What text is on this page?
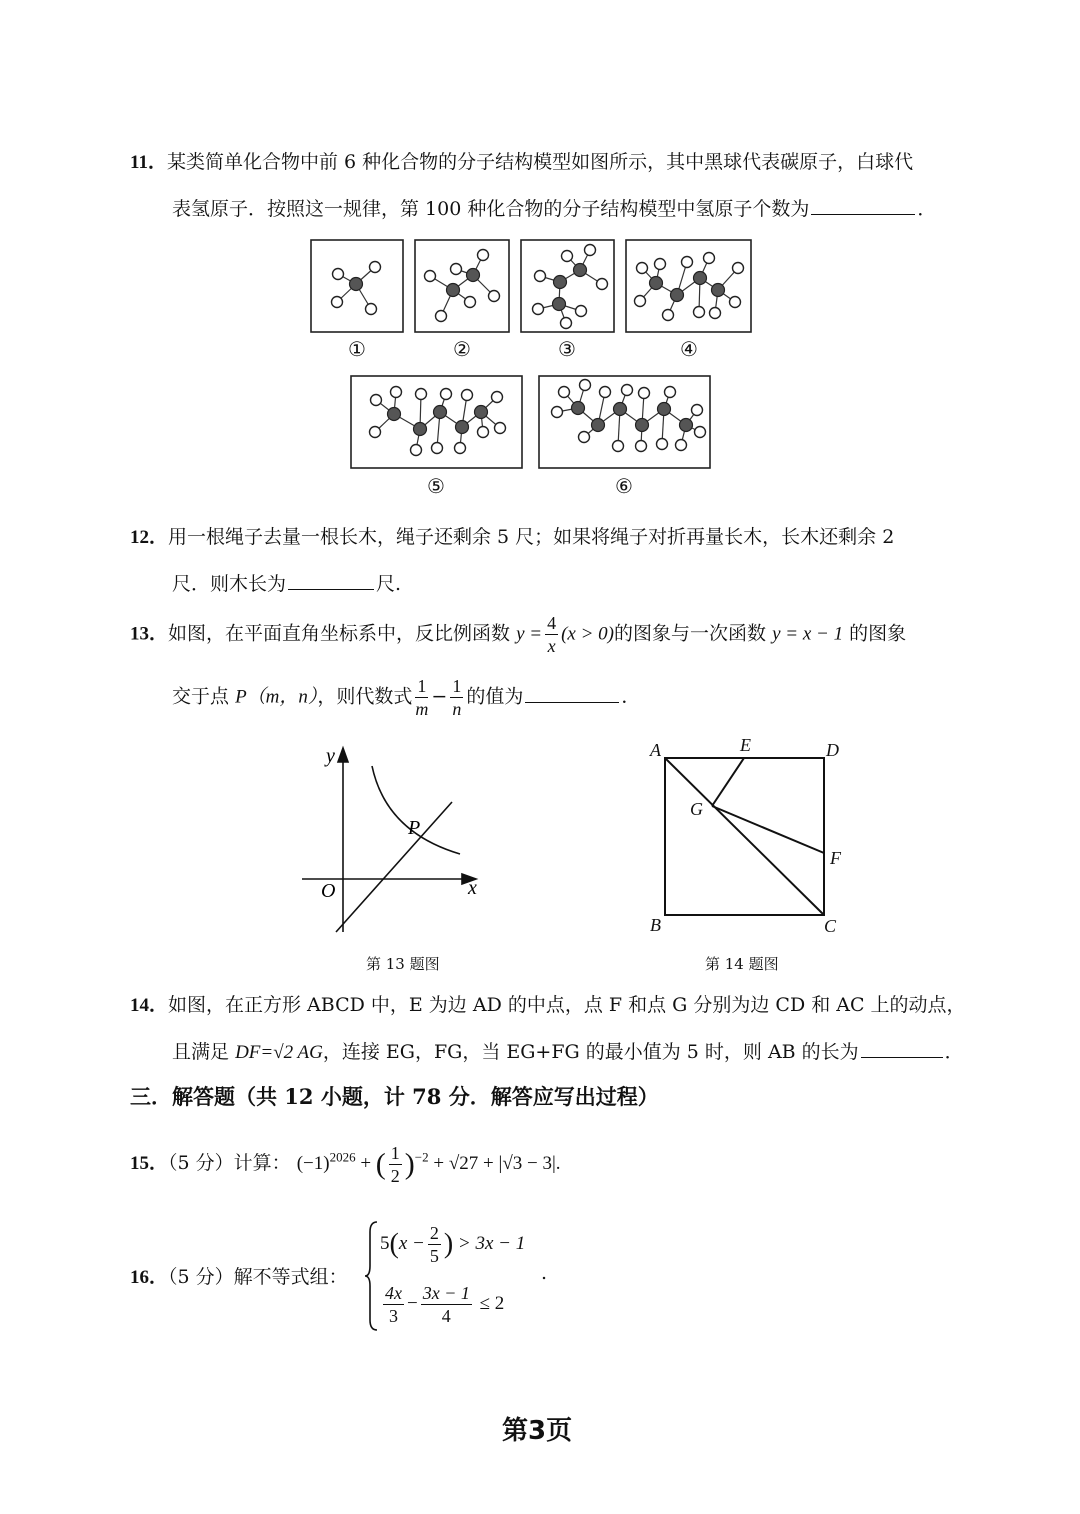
11．某类简单化合物中前 6 种化合物的分子结构模型如图所示，其中黑球代表碳原子，白球代
表氢原子．按照这一规律，第 100 种化合物的分子结构模型中氢原子个数为	．
①	②	③	④
⑤	⑥
12．用一根绳子去量一根长木，绳子还剩余 5 尺；如果将绳子对折再量长木，长木还剩余 2
尺．则木长为	尺.
13．如图，在平面直角坐标系中，反比例函数 $y = \frac{4}{x} (x > 0)$的图象与一次函数 y = x − 1 的图象
交于点 P（m，n），则代数式 $\frac{1}{m} - \frac{1}{n}$ 的值为	．
y
x
O
P
第 13 题图
A	E	D
G
F
B	C
第 14 题图
14．如图，在正方形 ABCD 中，E 为边 AD 的中点，点 F 和点 G 分别为边 CD 和 AC 上的动点，
且满足 DF=√2 AG，连接 EG，FG，当 EG+FG 的最小值为 5 时，则 AB 的长为	．
三．解答题（共 12 小题，计 78 分．解答应写出过程）
15．（5 分）计算： $(-1)^{2026}$ + ( $\frac{1}{2} )^{-2} + √27 + |√3 - 3|$.
16．（5 分）解不等式组：
$5(x - \frac{2}{5}$ ) > 3x − 1
$\frac{4x}{3} - \frac{3x - 1}{4} \le 2$
.
第3页
